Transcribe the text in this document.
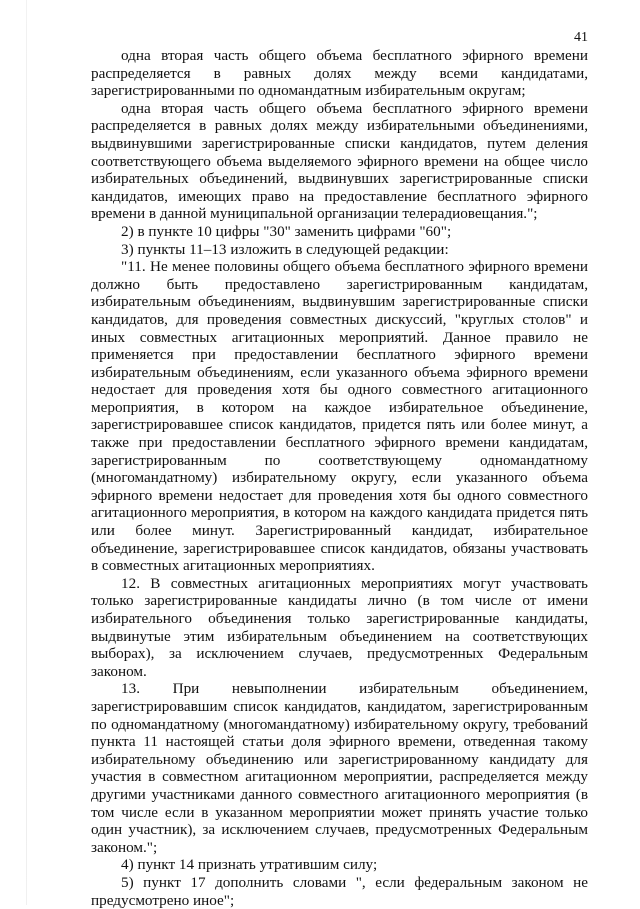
41

одна вторая часть общего объема бесплатного эфирного времени распределяется в равных долях между всеми кандидатами, зарегистрированными по одномандатным избирательным округам;

одна вторая часть общего объема бесплатного эфирного времени распределяется в равных долях между избирательными объединениями, выдвинувшими зарегистрированные списки кандидатов, путем деления соответствующего объема выделяемого эфирного времени на общее число избирательных объединений, выдвинувших зарегистрированные списки кандидатов, имеющих право на предоставление бесплатного эфирного времени в данной муниципальной организации телерадиовещания.";

2) в пункте 10 цифры "30" заменить цифрами "60";

3) пункты 11–13 изложить в следующей редакции:

"11. Не менее половины общего объема бесплатного эфирного времени должно быть предоставлено зарегистрированным кандидатам, избирательным объединениям, выдвинувшим зарегистрированные списки кандидатов, для проведения совместных дискуссий, "круглых столов" и иных совместных агитационных мероприятий. Данное правило не применяется при предоставлении бесплатного эфирного времени избирательным объединениям, если указанного объема эфирного времени недостает для проведения хотя бы одного совместного агитационного мероприятия, в котором на каждое избирательное объединение, зарегистрировавшее список кандидатов, придется пять или более минут, а также при предоставлении бесплатного эфирного времени кандидатам, зарегистрированным по соответствующему одномандатному (многомандатному) избирательному округу, если указанного объема эфирного времени недостает для проведения хотя бы одного совместного агитационного мероприятия, в котором на каждого кандидата придется пять или более минут. Зарегистрированный кандидат, избирательное объединение, зарегистрировавшее список кандидатов, обязаны участвовать в совместных агитационных мероприятиях.

12. В совместных агитационных мероприятиях могут участвовать только зарегистрированные кандидаты лично (в том числе от имени избирательного объединения только зарегистрированные кандидаты, выдвинутые этим избирательным объединением на соответствующих выборах), за исключением случаев, предусмотренных Федеральным законом.

13. При невыполнении избирательным объединением, зарегистрировавшим список кандидатов, кандидатом, зарегистрированным по одномандатному (многомандатному) избирательному округу, требований пункта 11 настоящей статьи доля эфирного времени, отведенная такому избирательному объединению или зарегистрированному кандидату для участия в совместном агитационном мероприятии, распределяется между другими участниками данного совместного агитационного мероприятия (в том числе если в указанном мероприятии может принять участие только один участник), за исключением случаев, предусмотренных Федеральным законом.";

4) пункт 14 признать утратившим силу;

5) пункт 17 дополнить словами ", если федеральным законом не предусмотрено иное";
